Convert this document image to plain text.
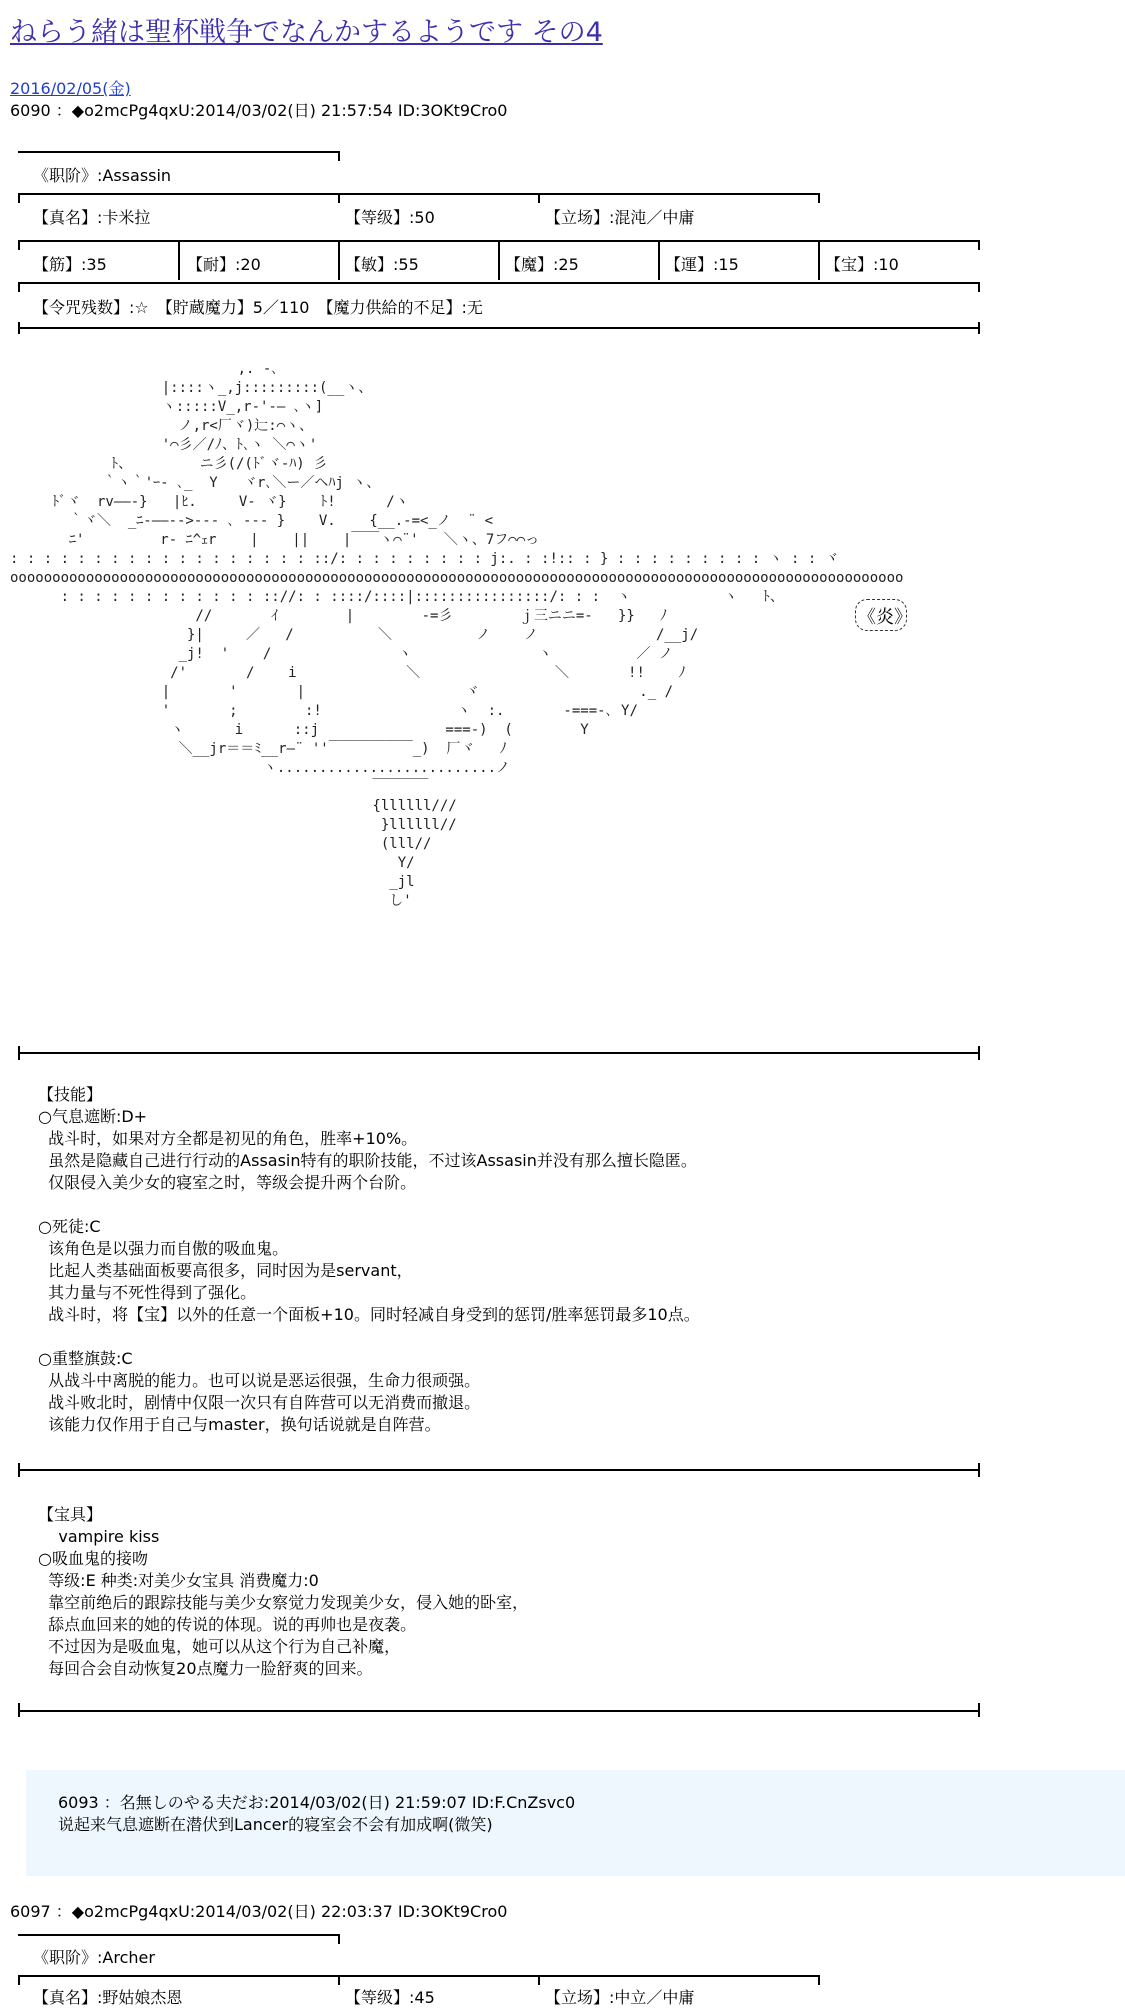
ねらう緒は聖杯戦争でなんかするようです その4
2016/02/05(金)
6090 ：◆o2mcPg4qxU:2014/03/02(日) 21:57:54 ID:3OKt9Cro0
《职阶》:Assassin
【真名】:卡米拉	【等级】:50	【立场】:混沌／中庸
【筋】:35	【耐】:20	【敏】:55	【魔】:25	【運】:15	【宝】:10
【令咒残数】:☆　【貯蔵魔力】5／110　【魔力供給的不足】:无
,. -､
|::::ヽ_,j:::::::::(__ヽ、
ヽ:::::V_,r‐'‐― ､ヽ]
ノ,r<厂ヾ)辷:⌒ヽ、
'⌒彡／/ﾉ、ﾄ､ヽ ＼⌒ヽ'
ﾄ、        ニ彡(/(ﾄﾞヾ‐ﾊ) 彡
｀ヽ｀'ｰ- ､_  Y   ヾr､＼ー／ヘﾊj ヽ、
ﾄﾞヾ  rv――‐}   |ﾋ.     V‐ ヾ}    ﾄ!      /ヽ
｀ヾ＼  _ﾆ-――‐‐>--- ､ --- }    V.    {__.-=<_ノ  ¨ <
ﾆ'         r‐ ﾆ^ｪr    |    ||    |￣￣ヽ⌒¨'   ＼ヽ、7フ⌒⌒っ
: : : : : : : : : : : : : : : : : : ::/: : : : : : : : : j:. : :!:: : } : : : : : : : : : ヽ : : ヾ
oooooooooooooooooooooooooooooooooooooooooooooooooooooooooooooooooooooooooooooooooooooooooooooooooooooooooo
: : : : : : : : : : : : :://: : ::::/::::|::::::::::::::::/: : :  ヽ           ヽ   ﾄ、
//       ｲ        |        -=彡        ｊ三ニニ=-   }}   ﾉ
}|     ／   /          ＼          ノ    ノ              /__j/
_j!  '    /               ヽ               ヽ          ／ ノ
/'       /    i             ＼                ＼       !!    ﾉ
|       '       |                   ヾ                   ._ /
'       ;        :!                ヽ  :.       -===-､ Y/
ヽ      i      ::j               ===-)  (        Y
＼__jr＝＝ﾐ__r―¨ ''￣￣￣￣￣￣_)  厂ヾ   ﾉ
ヽ..........................ノ
￣￣￣￣
{llllll///
}llllll//
(lll//
Y/
_jl
し'
《炎》
【技能】
○气息遮断:D+
战斗时，如果对方全都是初见的角色，胜率+10%。
虽然是隐藏自己进行行动的Assasin特有的职阶技能，不过该Assasin并没有那么擅长隐匿。
仅限侵入美少女的寝室之时，等级会提升两个台阶。

○死徒:C
该角色是以强力而自傲的吸血鬼。
比起人类基础面板要高很多，同时因为是servant，
其力量与不死性得到了强化。
战斗时，将【宝】以外的任意一个面板+10。同时轻减自身受到的惩罚/胜率惩罚最多10点。

○重整旗鼓:C
从战斗中离脱的能力。也可以说是恶运很强，生命力很顽强。
战斗败北时，剧情中仅限一次只有自阵营可以无消费而撤退。
该能力仅作用于自己与master，换句话说就是自阵营。
【宝具】
vampire kiss
○吸血鬼的接吻
等级:E 种类:对美少女宝具 消费魔力:0
靠空前绝后的跟踪技能与美少女察觉力发现美少女，侵入她的卧室，
舔点血回来的她的传说的体现。说的再帅也是夜袭。
不过因为是吸血鬼，她可以从这个行为自己补魔，
每回合会自动恢复20点魔力一脸舒爽的回来。
6093 ：名無しのやる夫だお:2014/03/02(日) 21:59:07 ID:F.CnZsvc0
说起来气息遮断在潜伏到Lancer的寝室会不会有加成啊(微笑)
6097 ：◆o2mcPg4qxU:2014/03/02(日) 22:03:37 ID:3OKt9Cro0
《职阶》:Archer
【真名】:野姑娘杰恩	【等级】:45	【立场】:中立／中庸
